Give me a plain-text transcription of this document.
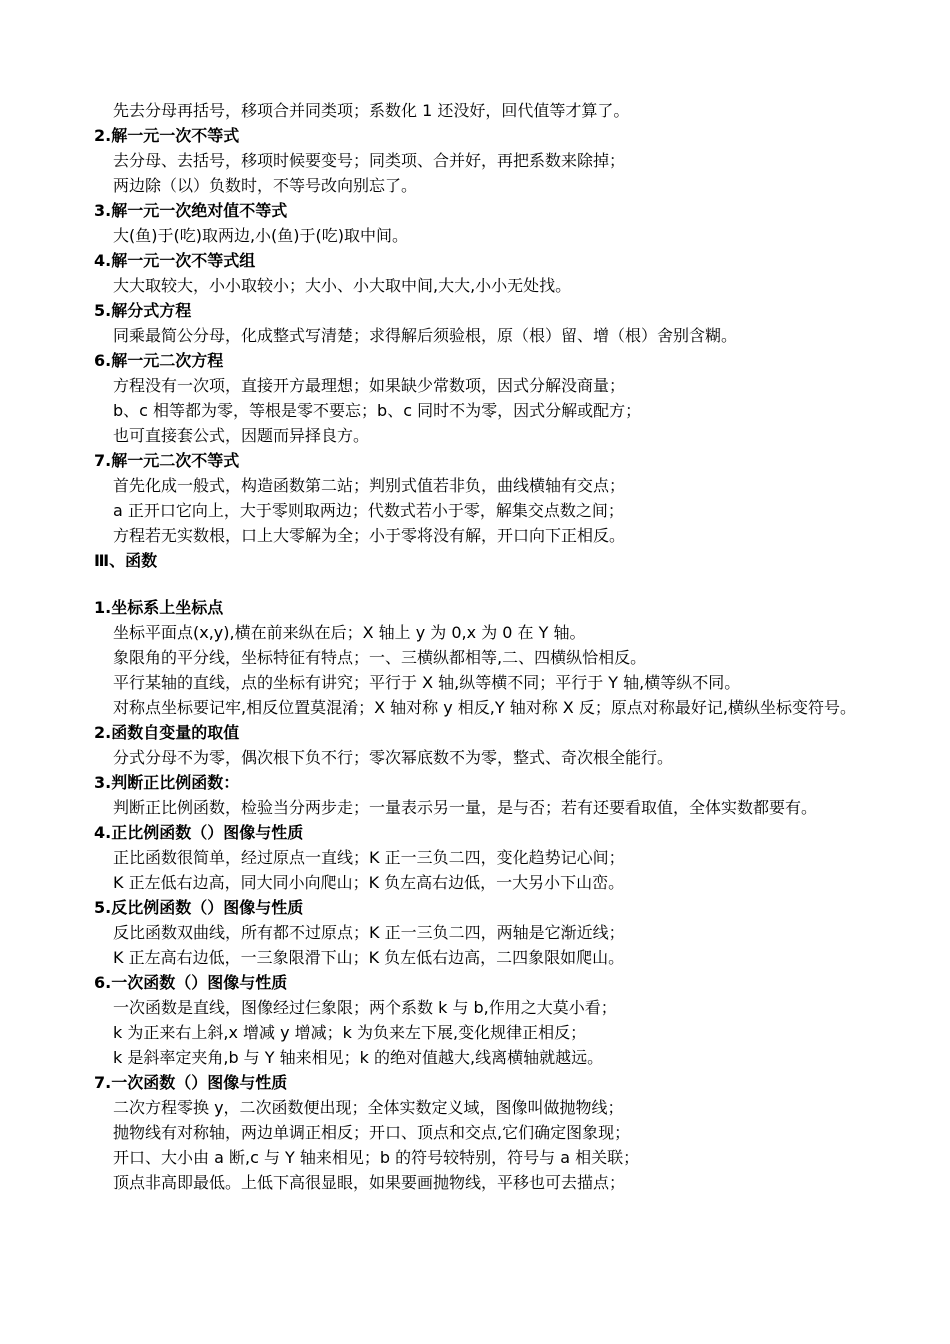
先去分母再括号，移项合并同类项；系数化 1 还没好，回代值等才算了。
2.解一元一次不等式
去分母、去括号，移项时候要变号；同类项、合并好，再把系数来除掉；
两边除（以）负数时，不等号改向别忘了。
3.解一元一次绝对值不等式
大(鱼)于(吃)取两边,小(鱼)于(吃)取中间。
4.解一元一次不等式组
大大取较大，小小取较小；大小、小大取中间,大大,小小无处找。
5.解分式方程
同乘最简公分母，化成整式写清楚；求得解后须验根，原（根）留、增（根）舍别含糊。
6.解一元二次方程
方程没有一次项，直接开方最理想；如果缺少常数项，因式分解没商量；
b、c 相等都为零，等根是零不要忘；b、c 同时不为零，因式分解或配方；
也可直接套公式，因题而异择良方。
7.解一元二次不等式
首先化成一般式，构造函数第二站；判别式值若非负，曲线横轴有交点；
a 正开口它向上，大于零则取两边；代数式若小于零，解集交点数之间；
方程若无实数根，口上大零解为全；小于零将没有解，开口向下正相反。
Ⅲ、函数
1.坐标系上坐标点
坐标平面点(x,y),横在前来纵在后；X 轴上 y 为 0,x 为 0 在 Y 轴。
象限角的平分线，坐标特征有特点；一、三横纵都相等,二、四横纵恰相反。
平行某轴的直线，点的坐标有讲究；平行于 X 轴,纵等横不同；平行于 Y 轴,横等纵不同。
对称点坐标要记牢,相反位置莫混淆；X 轴对称 y 相反,Y 轴对称 X 反；原点对称最好记,横纵坐标变符号。
2.函数自变量的取值
分式分母不为零，偶次根下负不行；零次幂底数不为零，整式、奇次根全能行。
3.判断正比例函数：
判断正比例函数，检验当分两步走；一量表示另一量，是与否；若有还要看取值，全体实数都要有。
4.正比例函数（）图像与性质
正比函数很简单，经过原点一直线；K 正一三负二四，变化趋势记心间；
K 正左低右边高，同大同小向爬山；K 负左高右边低，一大另小下山峦。
5.反比例函数（）图像与性质
反比函数双曲线，所有都不过原点；K 正一三负二四，两轴是它渐近线；
K 正左高右边低，一三象限滑下山；K 负左低右边高，二四象限如爬山。
6.一次函数（）图像与性质
一次函数是直线，图像经过仨象限；两个系数 k 与 b,作用之大莫小看；
k 为正来右上斜,x 增减 y 增减；k 为负来左下展,变化规律正相反；
k 是斜率定夹角,b 与 Y 轴来相见；k 的绝对值越大,线离横轴就越远。
7.一次函数（）图像与性质
二次方程零换 y，二次函数便出现；全体实数定义域，图像叫做抛物线；
抛物线有对称轴，两边单调正相反；开口、顶点和交点,它们确定图象现；
开口、大小由 a 断,c 与 Y 轴来相见；b 的符号较特别，符号与 a 相关联；
顶点非高即最低。上低下高很显眼，如果要画抛物线，平移也可去描点；
